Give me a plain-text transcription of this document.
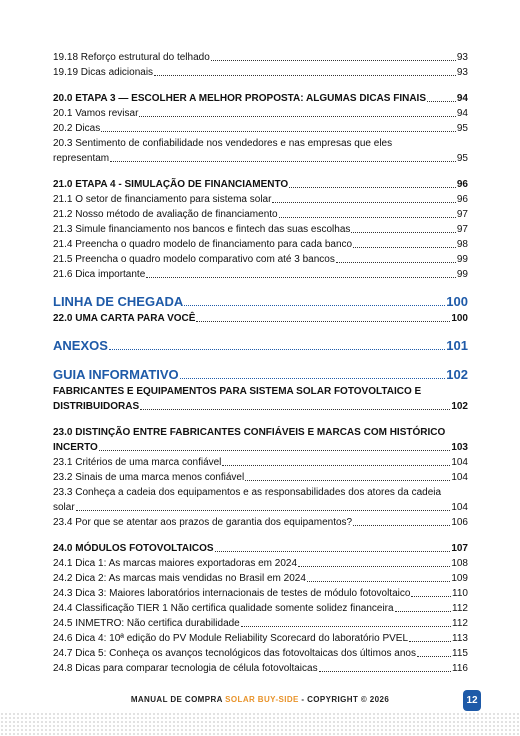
19.18 Reforço estrutural do telhado	93
19.19 Dicas adicionais	93
20.0 ETAPA 3 — ESCOLHER A MELHOR PROPOSTA: ALGUMAS DICAS FINAIS	94
20.1 Vamos revisar	94
20.2 Dicas	95
20.3 Sentimento de confiabilidade nos vendedores e nas empresas que eles
representam	95
21.0 ETAPA 4 - SIMULAÇÃO DE FINANCIAMENTO	96
21.1 O setor de financiamento para sistema solar	96
21.2 Nosso método de avaliação de financiamento	97
21.3 Simule financiamento nos bancos e fintech das suas escolhas	97
21.4 Preencha o quadro modelo de financiamento para cada banco	98
21.5 Preencha o quadro modelo comparativo com até 3 bancos	99
21.6 Dica importante	99
LINHA DE CHEGADA	100
22.0 UMA CARTA PARA VOCÊ	100
ANEXOS	101
GUIA INFORMATIVO	102
FABRICANTES E EQUIPAMENTOS PARA SISTEMA SOLAR FOTOVOLTAICO E
DISTRIBUIDORAS	102
23.0 DISTINÇÃO ENTRE FABRICANTES CONFIÁVEIS E MARCAS COM HISTÓRICO
INCERTO	103
23.1 Critérios de uma marca confiável	104
23.2 Sinais de uma marca menos confiável	104
23.3 Conheça a cadeia dos equipamentos e as responsabilidades dos atores da cadeia
solar	104
23.4 Por que se atentar aos prazos de garantia dos equipamentos?	106
24.0 MÓDULOS FOTOVOLTAICOS	107
24.1 Dica 1: As marcas maiores exportadoras em 2024	108
24.2 Dica 2: As marcas mais vendidas no Brasil em 2024	109
24.3 Dica 3: Maiores laboratórios internacionais de testes de módulo fotovoltaico	110
24.4 Classificação TIER 1 Não certifica qualidade somente solidez financeira	112
24.5 INMETRO: Não certifica durabilidade	112
24.6 Dica 4: 10ª edição do PV Module Reliability Scorecard do laboratório PVEL	113
24.7 Dica 5: Conheça os avanços tecnológicos das fotovoltaicas dos últimos anos	115
24.8 Dicas para comparar tecnologia de célula fotovoltaicas	116
MANUAL DE COMPRA SOLAR BUY-SIDE - COPYRIGHT © 2026	12
